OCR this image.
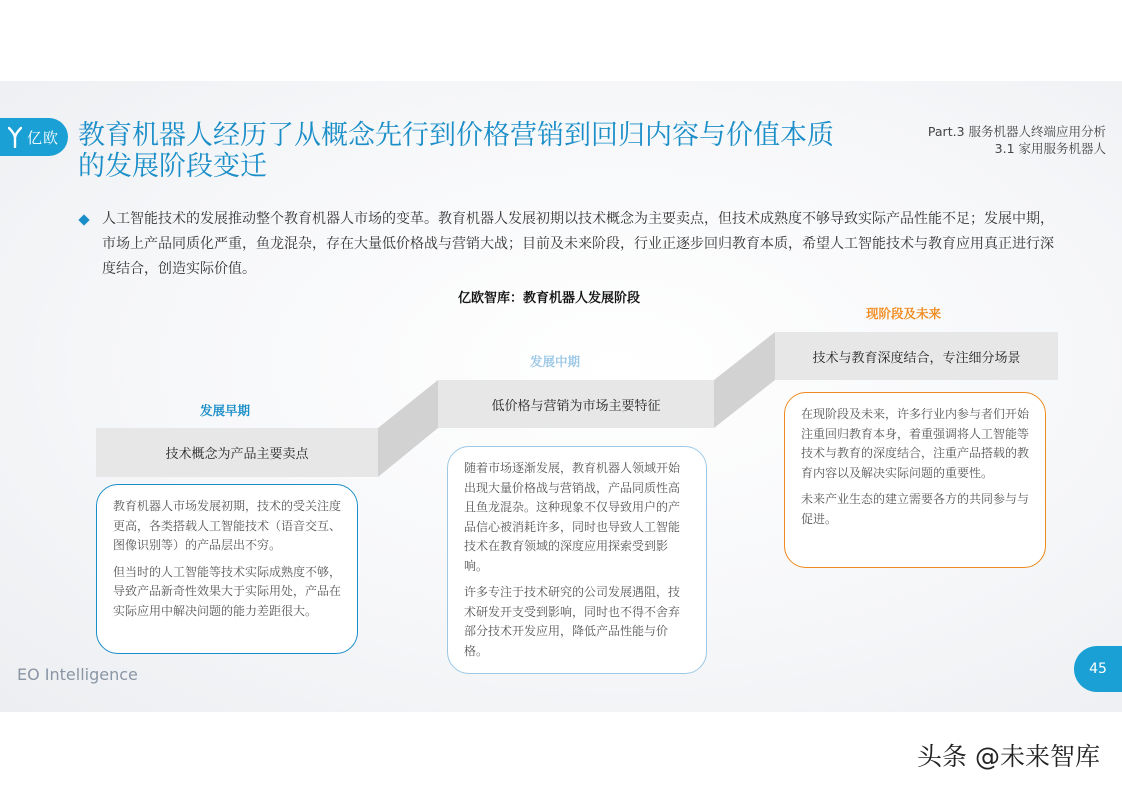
亿欧 教育机器人经历了从概念先行到价格营销到回归内容与价值本质的发展阶段变迁
Part.3 服务机器人终端应用分析
3.1 家用服务机器人
人工智能技术的发展推动整个教育机器人市场的变革。教育机器人发展初期以技术概念为主要卖点，但技术成熟度不够导致实际产品性能不足；发展中期，市场上产品同质化严重，鱼龙混杂，存在大量低价格战与营销大战；目前及未来阶段，行业正逐步回归教育本质，希望人工智能技术与教育应用真正进行深度结合，创造实际价值。
亿欧智库：教育机器人发展阶段
发展早期
技术概念为产品主要卖点

教育机器人市场发展初期，技术的受关注度更高，各类搭载人工智能技术（语音交互、图像识别等）的产品层出不穷。

但当时的人工智能等技术实际成熟度不够，导致产品新奇性效果大于实际用处，产品在实际应用中解决问题的能力差距很大。

发展中期
低价格与营销为市场主要特征

随着市场逐渐发展，教育机器人领域开始出现大量价格战与营销战，产品同质性高且鱼龙混杂。这种现象不仅导致用户的产品信心被消耗许多，同时也导致人工智能技术在教育领域的深度应用探索受到影响。

许多专注于技术研究的公司发展遇阻，技术研发开支受到影响，同时也不得不舍弃部分技术开发应用，降低产品性能与价格。

现阶段及未来
技术与教育深度结合，专注细分场景

在现阶段及未来，许多行业内参与者们开始注重回归教育本身，着重强调将人工智能等技术与教育的深度结合，注重产品搭载的教育内容以及解决实际问题的重要性。

未来产业生态的建立需要各方的共同参与与促进。

EO Intelligence	45
头条 @未来智库
